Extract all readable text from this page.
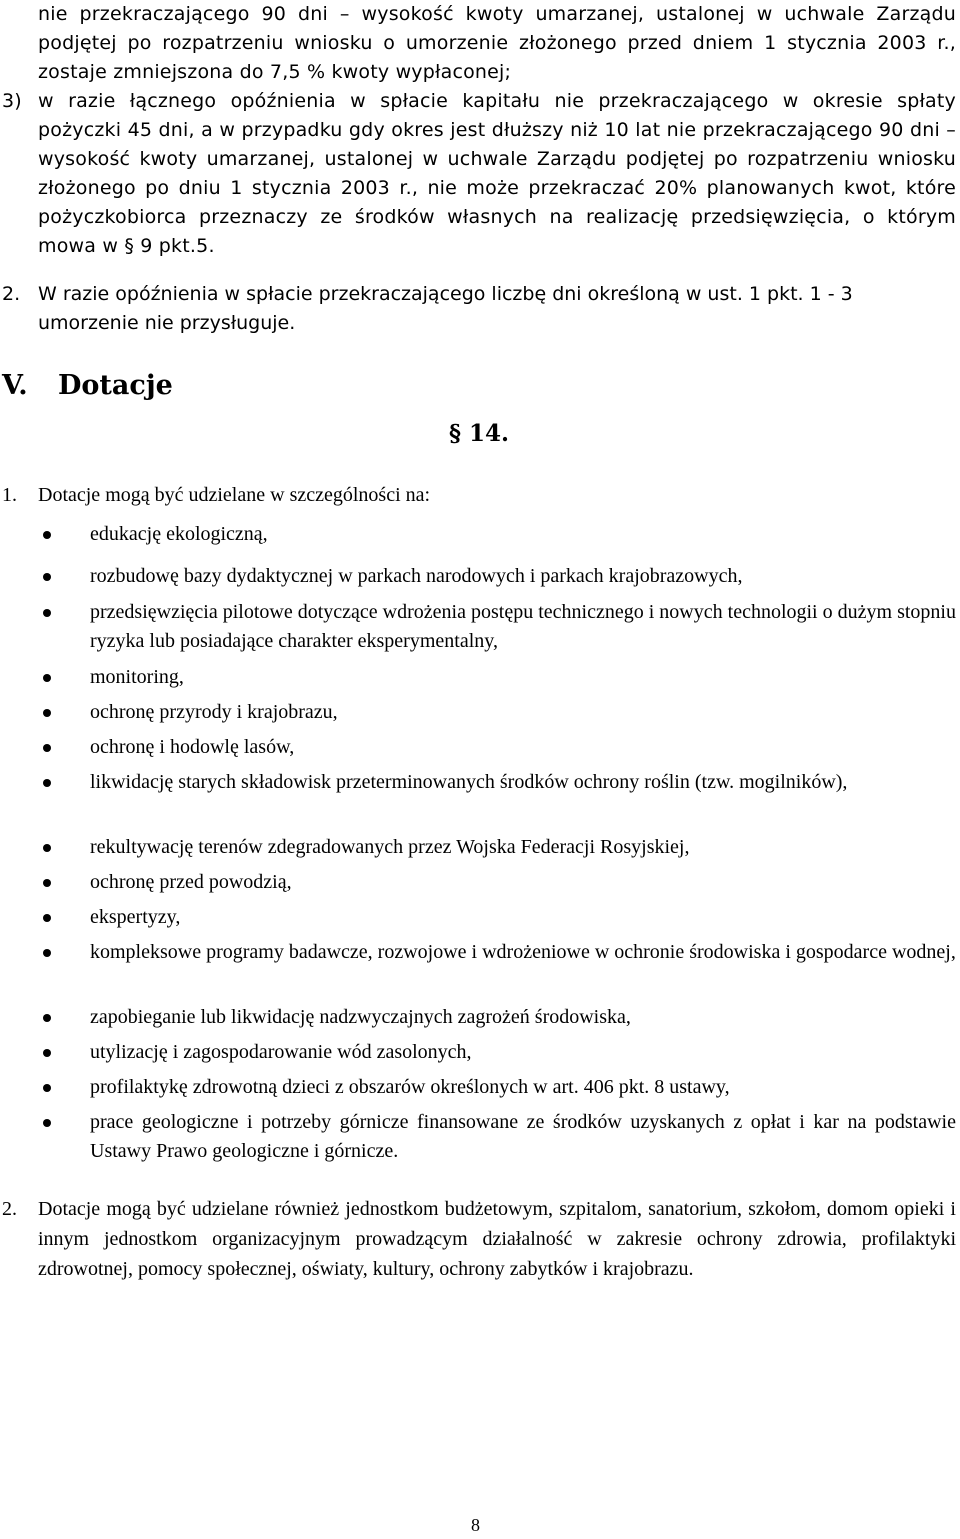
nie przekraczającego 90 dni – wysokość kwoty umarzanej, ustalonej w uchwale Zarządu podjętej po rozpatrzeniu wniosku o umorzenie złożonego przed dniem 1 stycznia 2003 r., zostaje zmniejszona do 7,5 % kwoty wypłaconej;

3) w razie łącznego opóźnienia w spłacie kapitału nie przekraczającego w okresie spłaty pożyczki 45 dni, a w przypadku gdy okres jest dłuższy niż 10 lat nie przekraczającego 90 dni – wysokość kwoty umarzanej, ustalonej w uchwale Zarządu podjętej po rozpatrzeniu wniosku złożonego po dniu 1 stycznia 2003 r., nie może przekraczać 20% planowanych kwot, które pożyczkobiorca przeznaczy ze środków własnych na realizację przedsięwzięcia, o którym mowa w § 9 pkt.5.

2. W razie opóźnienia w spłacie przekraczającego liczbę dni określoną w ust. 1 pkt. 1 - 3 umorzenie nie przysługuje.
V. Dotacje
§ 14.
1. Dotacje mogą być udzielane w szczególności na:
edukację ekologiczną,
rozbudowę bazy dydaktycznej w parkach narodowych i parkach krajobrazowych,
przedsięwzięcia pilotowe dotyczące wdrożenia postępu technicznego i nowych technologii o dużym stopniu ryzyka lub posiadające charakter eksperymentalny,
monitoring,
ochronę przyrody i krajobrazu,
ochronę i hodowlę lasów,
likwidację starych składowisk przeterminowanych środków ochrony roślin (tzw. mogilników),
rekultywację terenów zdegradowanych przez Wojska Federacji Rosyjskiej,
ochronę przed powodzią,
ekspertyzy,
kompleksowe programy badawcze, rozwojowe i wdrożeniowe w ochronie środowiska i gospodarce wodnej,
zapobieganie lub likwidację nadzwyczajnych zagrożeń środowiska,
utylizację i zagospodarowanie wód zasolonych,
profilaktykę zdrowotną dzieci z obszarów określonych w art. 406 pkt. 8 ustawy,
prace geologiczne i potrzeby górnicze finansowane ze środków uzyskanych z opłat i kar na podstawie Ustawy Prawo geologiczne i górnicze.
2. Dotacje mogą być udzielane również jednostkom budżetowym, szpitalom, sanatorium, szkołom, domom opieki i innym jednostkom organizacyjnym prowadzącym działalność w zakresie ochrony zdrowia, profilaktyki zdrowotnej, pomocy społecznej, oświaty, kultury, ochrony zabytków i krajobrazu.
8
